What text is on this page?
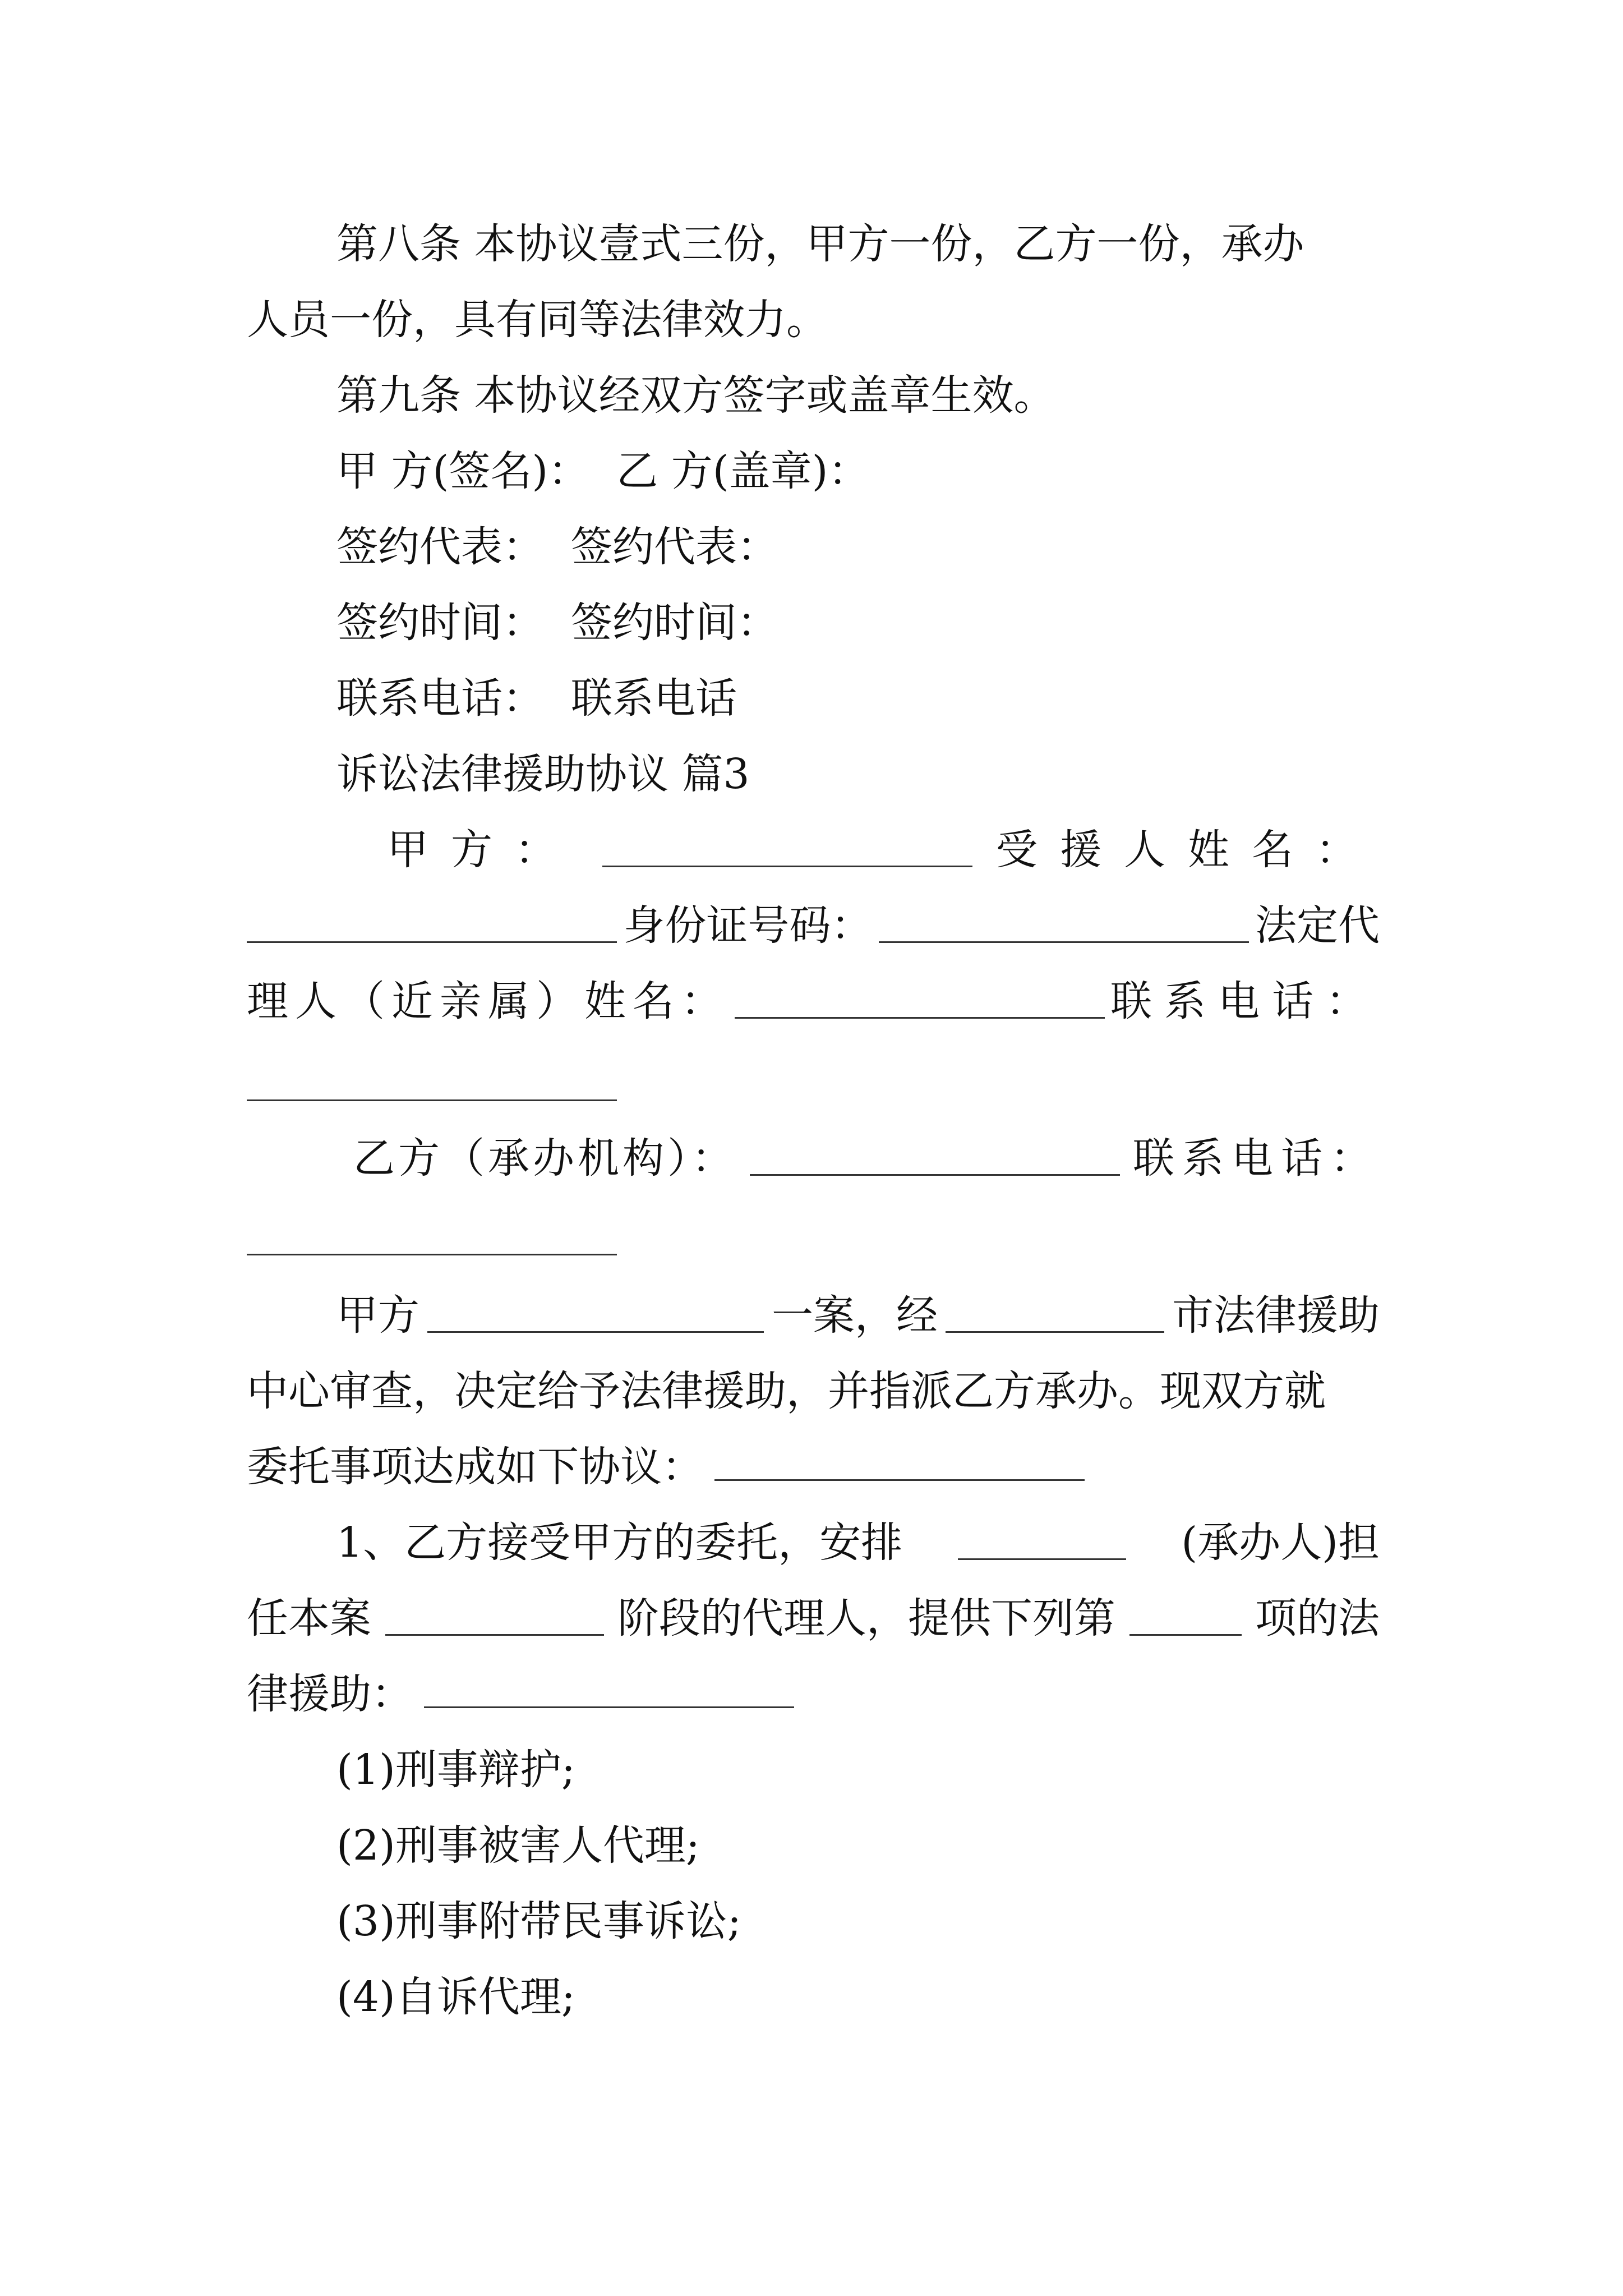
第八条 本协议壹式三份，甲方一份，乙方一份，承办
人员一份，具有同等法律效力。
第九条 本协议经双方签字或盖章生效。
甲 方(签名)： 乙 方(盖章)：
签约代表： 签约代表：
签约时间： 签约时间：
联系电话： 联系电话
诉讼法律援助协议 篇3
甲方：	受援人姓名：
身份证号码：	法定代
理人（近亲属）姓名：	联系电话：
乙方（承办机构）：	联系电话：
甲方	一案，经	市法律援助
中心审查，决定给予法律援助，并指派乙方承办。现双方就
委托事项达成如下协议：
1、乙方接受甲方的委托，安排	(承办人)担
任本案	阶段的代理人，提供下列第	项的法
律援助：
(1)刑事辩护;
(2)刑事被害人代理;
(3)刑事附带民事诉讼;
(4)自诉代理;
